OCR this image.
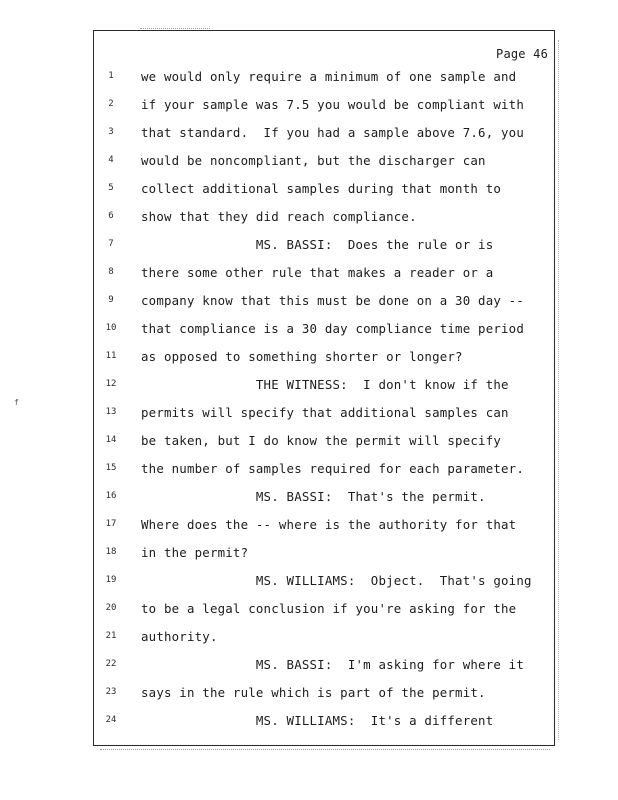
f
Page 46
1	we would only require a minimum of one sample and
2	if your sample was 7.5 you would be compliant with
3	that standard.  If you had a sample above 7.6, you
4	would be noncompliant, but the discharger can
5	collect additional samples during that month to
6	show that they did reach compliance.
7	MS. BASSI:  Does the rule or is
8	there some other rule that makes a reader or a
9	company know that this must be done on a 30 day --
10	that compliance is a 30 day compliance time period
11	as opposed to something shorter or longer?
12	THE WITNESS:  I don't know if the
13	permits will specify that additional samples can
14	be taken, but I do know the permit will specify
15	the number of samples required for each parameter.
16	MS. BASSI:  That's the permit.
17	Where does the -- where is the authority for that
18	in the permit?
19	MS. WILLIAMS:  Object.  That's going
20	to be a legal conclusion if you're asking for the
21	authority.
22	MS. BASSI:  I'm asking for where it
23	says in the rule which is part of the permit.
24	MS. WILLIAMS:  It's a different
